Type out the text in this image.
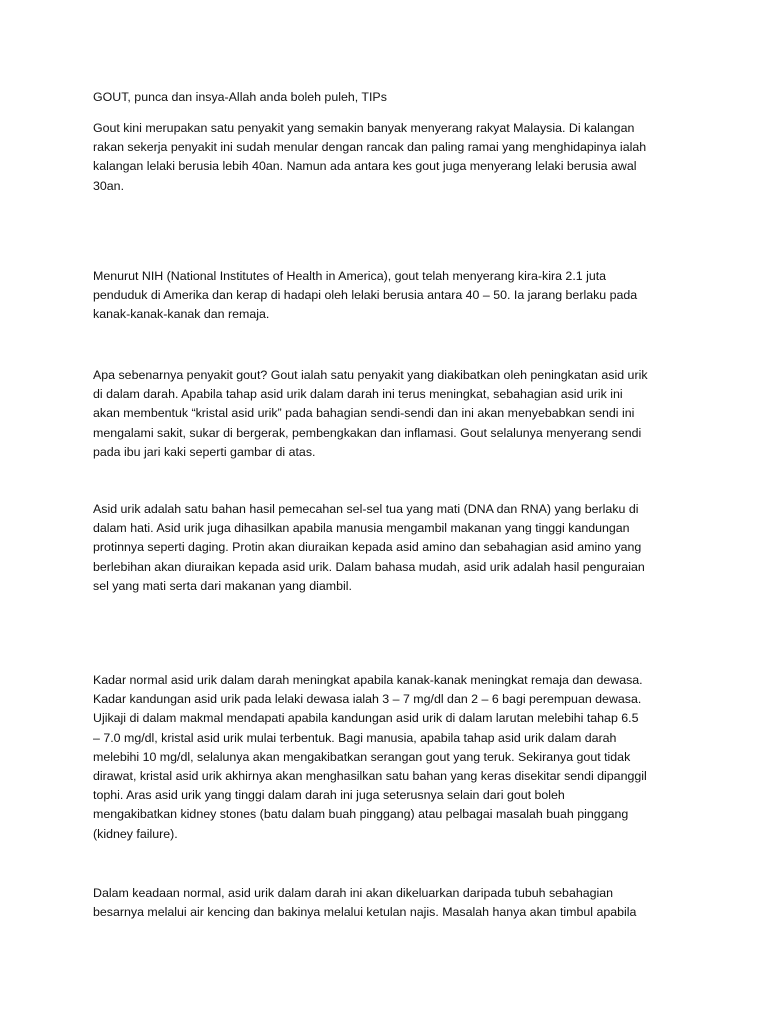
GOUT, punca dan insya-Allah anda boleh puleh, TIPs
Gout kini merupakan satu penyakit yang semakin banyak menyerang rakyat Malaysia. Di kalangan
rakan sekerja penyakit ini sudah menular dengan rancak dan paling ramai yang menghidapinya ialah
kalangan lelaki berusia lebih 40an. Namun ada antara kes gout juga menyerang lelaki berusia awal
30an.
Menurut NIH (National Institutes of Health in America), gout telah menyerang kira-kira 2.1 juta
penduduk di Amerika dan kerap di hadapi oleh lelaki berusia antara 40 – 50. Ia jarang berlaku pada
kanak-kanak-kanak dan remaja.
Apa sebenarnya penyakit gout? Gout ialah satu penyakit yang diakibatkan oleh peningkatan asid urik
di dalam darah. Apabila tahap asid urik dalam darah ini terus meningkat, sebahagian asid urik ini
akan membentuk “kristal asid urik” pada bahagian sendi-sendi dan ini akan menyebabkan sendi ini
mengalami sakit, sukar di bergerak, pembengkakan dan inflamasi. Gout selalunya menyerang sendi
pada ibu jari kaki seperti gambar di atas.
Asid urik adalah satu bahan hasil pemecahan sel-sel tua yang mati (DNA dan RNA) yang berlaku di
dalam hati. Asid urik juga dihasilkan apabila manusia mengambil makanan yang tinggi kandungan
protinnya seperti daging. Protin akan diuraikan kepada asid amino dan sebahagian asid amino yang
berlebihan akan diuraikan kepada asid urik. Dalam bahasa mudah, asid urik adalah hasil penguraian
sel yang mati serta dari makanan yang diambil.
Kadar normal asid urik dalam darah meningkat apabila kanak-kanak meningkat remaja dan dewasa.
Kadar kandungan asid urik pada lelaki dewasa ialah 3 – 7 mg/dl dan 2 – 6 bagi perempuan dewasa.
Ujikaji di dalam makmal mendapati apabila kandungan asid urik di dalam larutan melebihi tahap 6.5
– 7.0 mg/dl, kristal asid urik mulai terbentuk. Bagi manusia, apabila tahap asid urik dalam darah
melebihi 10 mg/dl, selalunya akan mengakibatkan serangan gout yang teruk. Sekiranya gout tidak
dirawat, kristal asid urik akhirnya akan menghasilkan satu bahan yang keras disekitar sendi dipanggil
tophi. Aras asid urik yang tinggi dalam darah ini juga seterusnya selain dari gout boleh
mengakibatkan kidney stones (batu dalam buah pinggang) atau pelbagai masalah buah pinggang
(kidney failure).
Dalam keadaan normal, asid urik dalam darah ini akan dikeluarkan daripada tubuh sebahagian
besarnya melalui air kencing dan bakinya melalui ketulan najis. Masalah hanya akan timbul apabila
